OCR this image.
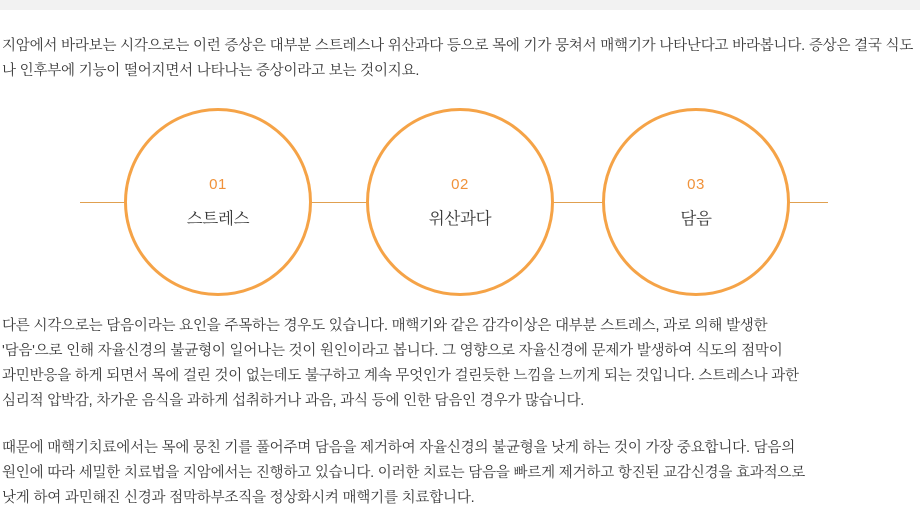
지암에서 바라보는 시각으로는 이런 증상은 대부분 스트레스나 위산과다 등으로 목에 기가 뭉쳐서 매핵기가 나타난다고 바라봅니다. 증상은 결국 식도나 인후부에 기능이 떨어지면서 나타나는 증상이라고 보는 것이지요.

01
스트레스
02
위산과다
03
담음

다른 시각으로는 담음이라는 요인을 주목하는 경우도 있습니다. 매핵기와 같은 감각이상은 대부분 스트레스, 과로 의해 발생한

'담음'으로 인해 자율신경의 불균형이 일어나는 것이 원인이라고 봅니다. 그 영향으로 자율신경에 문제가 발생하여 식도의 점막이

과민반응을 하게 되면서 목에 걸린 것이 없는데도 불구하고 계속 무엇인가 걸린듯한 느낌을 느끼게 되는 것입니다. 스트레스나 과한

심리적 압박감, 차가운 음식을 과하게 섭취하거나 과음, 과식 등에 인한 담음인 경우가 많습니다.

때문에 매핵기치료에서는 목에 뭉친 기를 풀어주며 담음을 제거하여 자율신경의 불균형을 낫게 하는 것이 가장 중요합니다. 담음의

원인에 따라 세밀한 치료법을 지암에서는 진행하고 있습니다. 이러한 치료는 담음을 빠르게 제거하고 항진된 교감신경을 효과적으로

낫게 하여 과민해진 신경과 점막하부조직을 정상화시켜 매핵기를 치료합니다.
